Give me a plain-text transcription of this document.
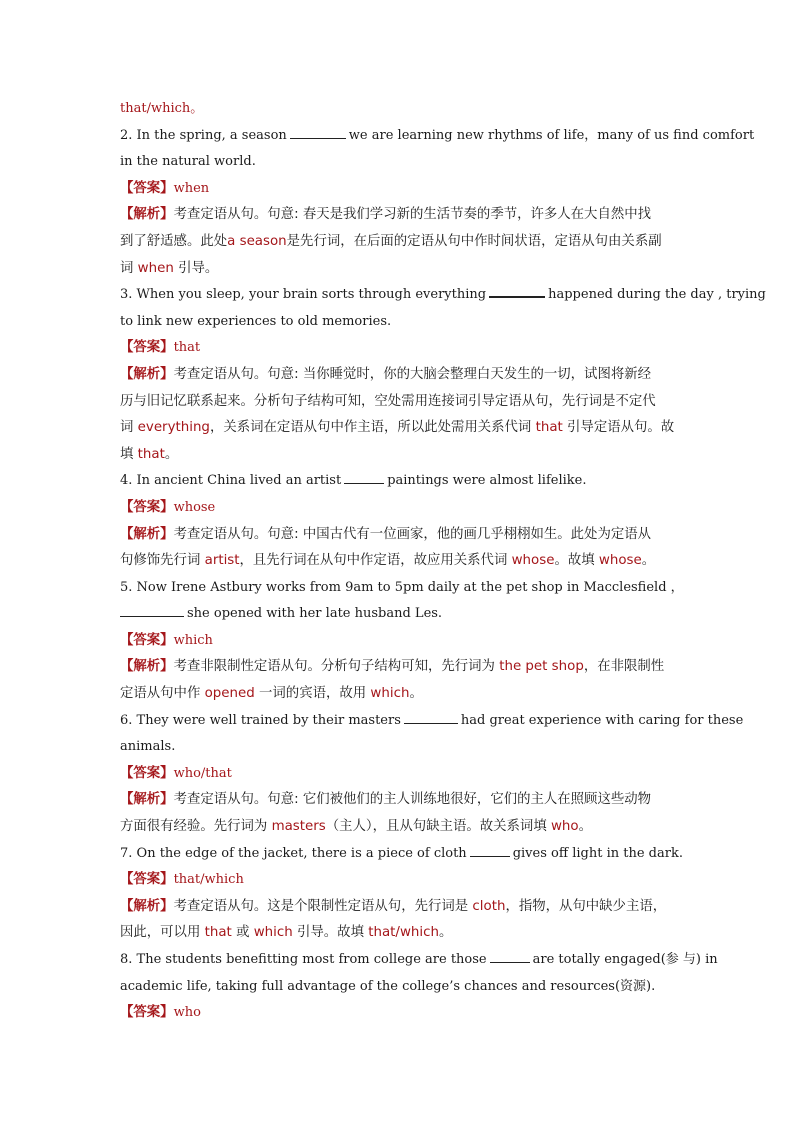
that/which。
2. In the spring, a season	we are learning new rhythms of life，many of us find comfort
in the natural world.
【答案】when
【解析】考查定语从句。句意: 春天是我们学习新的生活节奏的季节，许多人在大自然中找
到了舒适感。此处a season是先行词，在后面的定语从句中作时间状语，定语从句由关系副
词 when 引导。
3. When you sleep, your brain sorts through everything	happened during the day , trying
to link new experiences to old memories.
【答案】that
【解析】考查定语从句。句意: 当你睡觉时，你的大脑会整理白天发生的一切，试图将新经
历与旧记忆联系起来。分析句子结构可知，空处需用连接词引导定语从句，先行词是不定代
词 everything，关系词在定语从句中作主语，所以此处需用关系代词 that 引导定语从句。故
填 that。
4. In ancient China lived an artist	paintings were almost lifelike.
【答案】whose
【解析】考查定语从句。句意: 中国古代有一位画家，他的画几乎栩栩如生。此处为定语从
句修饰先行词 artist，且先行词在从句中作定语，故应用关系代词 whose。故填 whose。
5. Now Irene Astbury works from 9am to 5pm daily at the pet shop in Macclesfield ，
she opened with her late husband Les.
【答案】which
【解析】考查非限制性定语从句。分析句子结构可知，先行词为 the pet shop，在非限制性
定语从句中作 opened 一词的宾语，故用 which。
6. They were well trained by their masters	had great experience with caring for these
animals.
【答案】who/that
【解析】考查定语从句。句意: 它们被他们的主人训练地很好，它们的主人在照顾这些动物
方面很有经验。先行词为 masters（主人），且从句缺主语。故关系词填 who。
7. On the edge of the jacket, there is a piece of cloth	gives off light in the dark.
【答案】that/which
【解析】考查定语从句。这是个限制性定语从句，先行词是 cloth，指物，从句中缺少主语，
因此，可以用 that 或 which 引导。故填 that/which。
8. The students benefitting most from college are those	are totally engaged(参 与) in
academic life, taking full advantage of the college’s chances and resources(资源).
【答案】who
